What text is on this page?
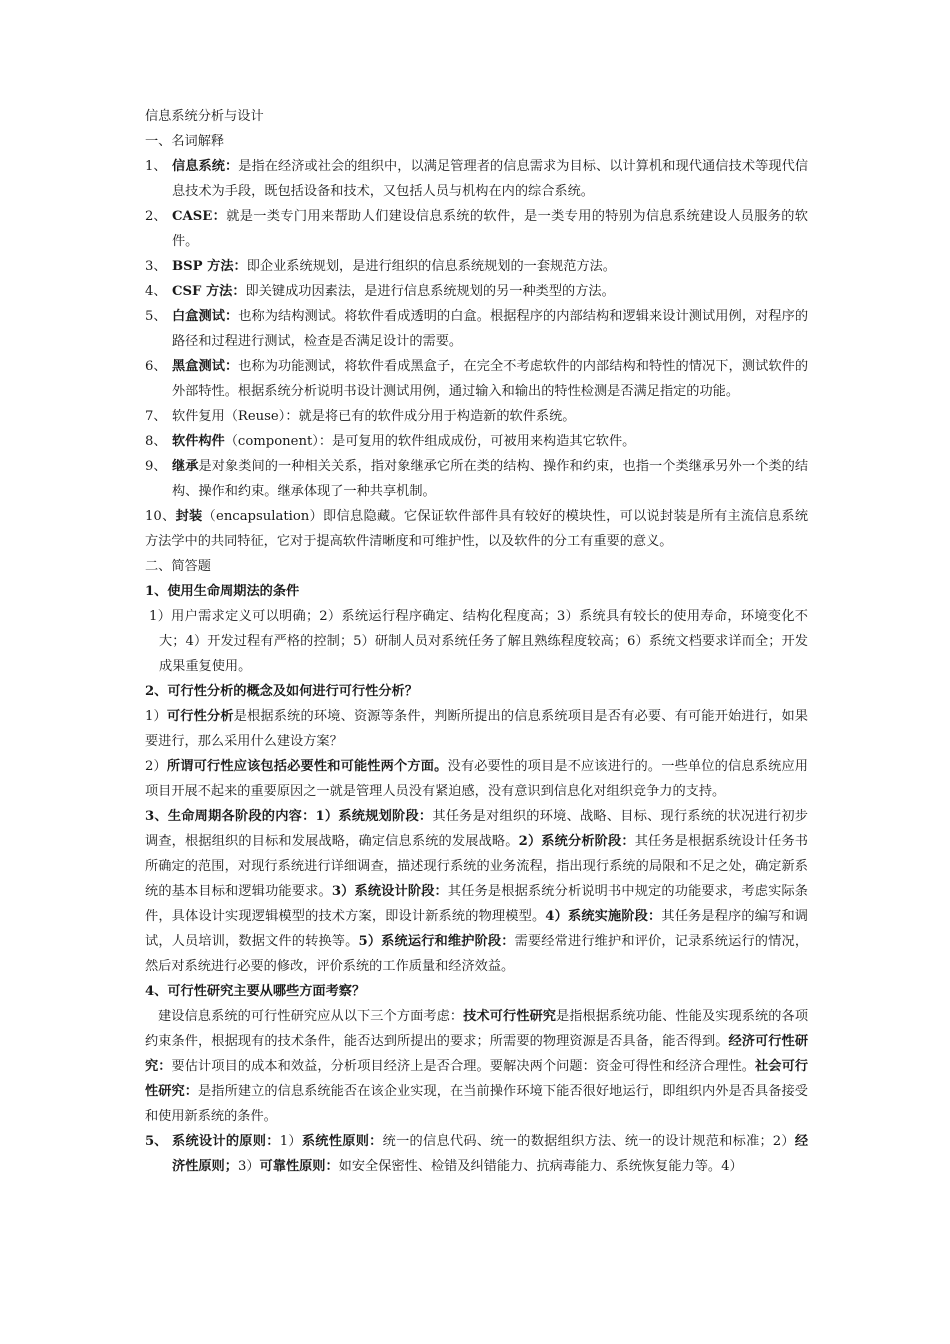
信息系统分析与设计
一、名词解释
1、 信息系统：是指在经济或社会的组织中，以满足管理者的信息需求为目标、以计算机和现代通信技术等现代信息技术为手段，既包括设备和技术，又包括人员与机构在内的综合系统。
2、 CASE：就是一类专门用来帮助人们建设信息系统的软件，是一类专用的特别为信息系统建设人员服务的软件。
3、 BSP 方法：即企业系统规划，是进行组织的信息系统规划的一套规范方法。
4、 CSF 方法：即关键成功因素法，是进行信息系统规划的另一种类型的方法。
5、 白盒测试：也称为结构测试。将软件看成透明的白盒。根据程序的内部结构和逻辑来设计测试用例，对程序的路径和过程进行测试，检查是否满足设计的需要。
6、 黑盒测试：也称为功能测试，将软件看成黑盒子，在完全不考虑软件的内部结构和特性的情况下，测试软件的外部特性。根据系统分析说明书设计测试用例，通过输入和输出的特性检测是否满足指定的功能。
7、 软件复用（Reuse）：就是将已有的软件成分用于构造新的软件系统。
8、 软件构件（component）：是可复用的软件组成成份，可被用来构造其它软件。
9、 继承是对象类间的一种相关关系，指对象继承它所在类的结构、操作和约束，也指一个类继承另外一个类的结构、操作和约束。继承体现了一种共享机制。
10、封装（encapsulation）即信息隐藏。它保证软件部件具有较好的模块性，可以说封装是所有主流信息系统方法学中的共同特征，它对于提高软件清晰度和可维护性，以及软件的分工有重要的意义。
二、简答题
1、使用生命周期法的条件
1）用户需求定义可以明确；2）系统运行程序确定、结构化程度高；3）系统具有较长的使用寿命，环境变化不大；4）开发过程有严格的控制；5）研制人员对系统任务了解且熟练程度较高；6）系统文档要求详而全；开发成果重复使用。
2、可行性分析的概念及如何进行可行性分析？
1）可行性分析是根据系统的环境、资源等条件，判断所提出的信息系统项目是否有必要、有可能开始进行，如果要进行，那么采用什么建设方案？
2）所谓可行性应该包括必要性和可能性两个方面。没有必要性的项目是不应该进行的。一些单位的信息系统应用项目开展不起来的重要原因之一就是管理人员没有紧迫感，没有意识到信息化对组织竞争力的支持。
3、生命周期各阶段的内容：1）系统规划阶段：其任务是对组织的环境、战略、目标、现行系统的状况进行初步调查，根据组织的目标和发展战略，确定信息系统的发展战略。2）系统分析阶段：其任务是根据系统设计任务书所确定的范围，对现行系统进行详细调查，描述现行系统的业务流程，指出现行系统的局限和不足之处，确定新系统的基本目标和逻辑功能要求。3）系统设计阶段：其任务是根据系统分析说明书中规定的功能要求，考虑实际条件，具体设计实现逻辑模型的技术方案，即设计新系统的物理模型。4）系统实施阶段：其任务是程序的编写和调试，人员培训，数据文件的转换等。5）系统运行和维护阶段：需要经常进行维护和评价，记录系统运行的情况，然后对系统进行必要的修改，评价系统的工作质量和经济效益。
4、可行性研究主要从哪些方面考察？
建设信息系统的可行性研究应从以下三个方面考虑：技术可行性研究是指根据系统功能、性能及实现系统的各项约束条件，根据现有的技术条件，能否达到所提出的要求；所需要的物理资源是否具备，能否得到。经济可行性研究：要估计项目的成本和效益，分析项目经济上是否合理。要解决两个问题：资金可得性和经济合理性。社会可行性研究：是指所建立的信息系统能否在该企业实现，在当前操作环境下能否很好地运行，即组织内外是否具备接受和使用新系统的条件。
5、 系统设计的原则：1）系统性原则：统一的信息代码、统一的数据组织方法、统一的设计规范和标准；2）经济性原则；3）可靠性原则：如安全保密性、检错及纠错能力、抗病毒能力、系统恢复能力等。4）
